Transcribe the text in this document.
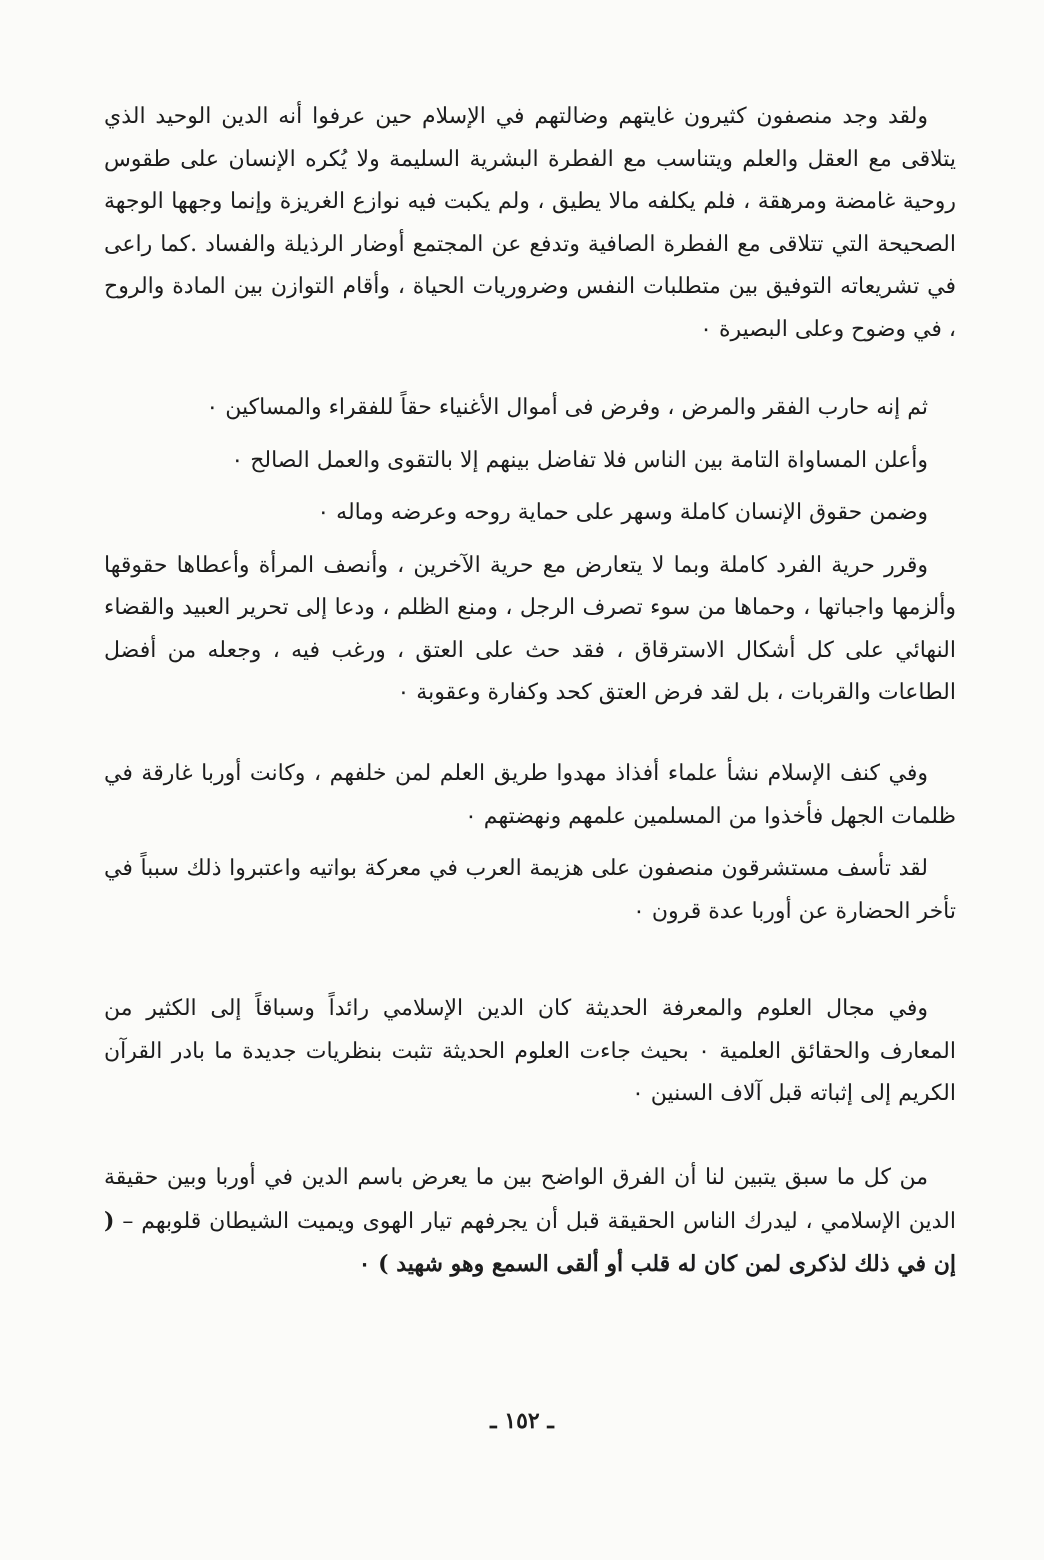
ولقد وجد منصفون كثيرون غايتهم وضالتهم في الإسلام حين عرفوا أنه الدين الوحيد الذي يتلاقى مع العقل والعلم ويتناسب مع الفطرة البشرية السليمة ولا يُكره الإنسان على طقوس روحية غامضة ومرهقة ، فلم يكلفه مالا يطيق ، ولم يكبت فيه نوازع الغريزة وإنما وجهها الوجهة الصحيحة التي تتلاقى مع الفطرة الصافية وتدفع عن المجتمع أوضار الرذيلة والفساد .كما راعى في تشريعاته التوفيق بين متطلبات النفس وضروريات الحياة ، وأقام التوازن بين المادة والروح ، في وضوح وعلى البصيرة ٠

ثم إنه حارب الفقر والمرض ، وفرض فى أموال الأغنياء حقاً للفقراء والمساكين ٠

وأعلن المساواة التامة بين الناس فلا تفاضل بينهم إلا بالتقوى والعمل الصالح ٠

وضمن حقوق الإنسان كاملة وسهر على حماية روحه وعرضه وماله ٠

وقرر حرية الفرد كاملة وبما لا يتعارض مع حرية الآخرين ، وأنصف المرأة وأعطاها حقوقها وألزمها واجباتها ، وحماها من سوء تصرف الرجل ، ومنع الظلم ، ودعا إلى تحرير العبيد والقضاء النهائي على كل أشكال الاسترقاق ، فقد حث على العتق ، ورغب فيه ، وجعله من أفضل الطاعات والقربات ، بل لقد فرض العتق كحد وكفارة وعقوبة ٠

وفي كنف الإسلام نشأ علماء أفذاذ مهدوا طريق العلم لمن خلفهم ، وكانت أوربا غارقة في ظلمات الجهل فأخذوا من المسلمين علمهم ونهضتهم ٠

لقد تأسف مستشرقون منصفون على هزيمة العرب في معركة بواتيه واعتبروا ذلك سبباً في تأخر الحضارة عن أوربا عدة قرون ٠

وفي مجال العلوم والمعرفة الحديثة كان الدين الإسلامي رائداً وسباقاً إلى الكثير من المعارف والحقائق العلمية ٠ بحيث جاءت العلوم الحديثة تثبت بنظريات جديدة ما بادر القرآن الكريم إلى إثباته قبل آلاف السنين ٠

من كل ما سبق يتبين لنا أن الفرق الواضح بين ما يعرض باسم الدين في أوربا وبين حقيقة الدين الإسلامي ، ليدرك الناس الحقيقة قبل أن يجرفهم تيار الهوى ويميت الشيطان قلوبهم – ( إن في ذلك لذكرى لمن كان له قلب أو ألقى السمع وهو شهيد ) ٠

ـ ١٥٢ ـ
